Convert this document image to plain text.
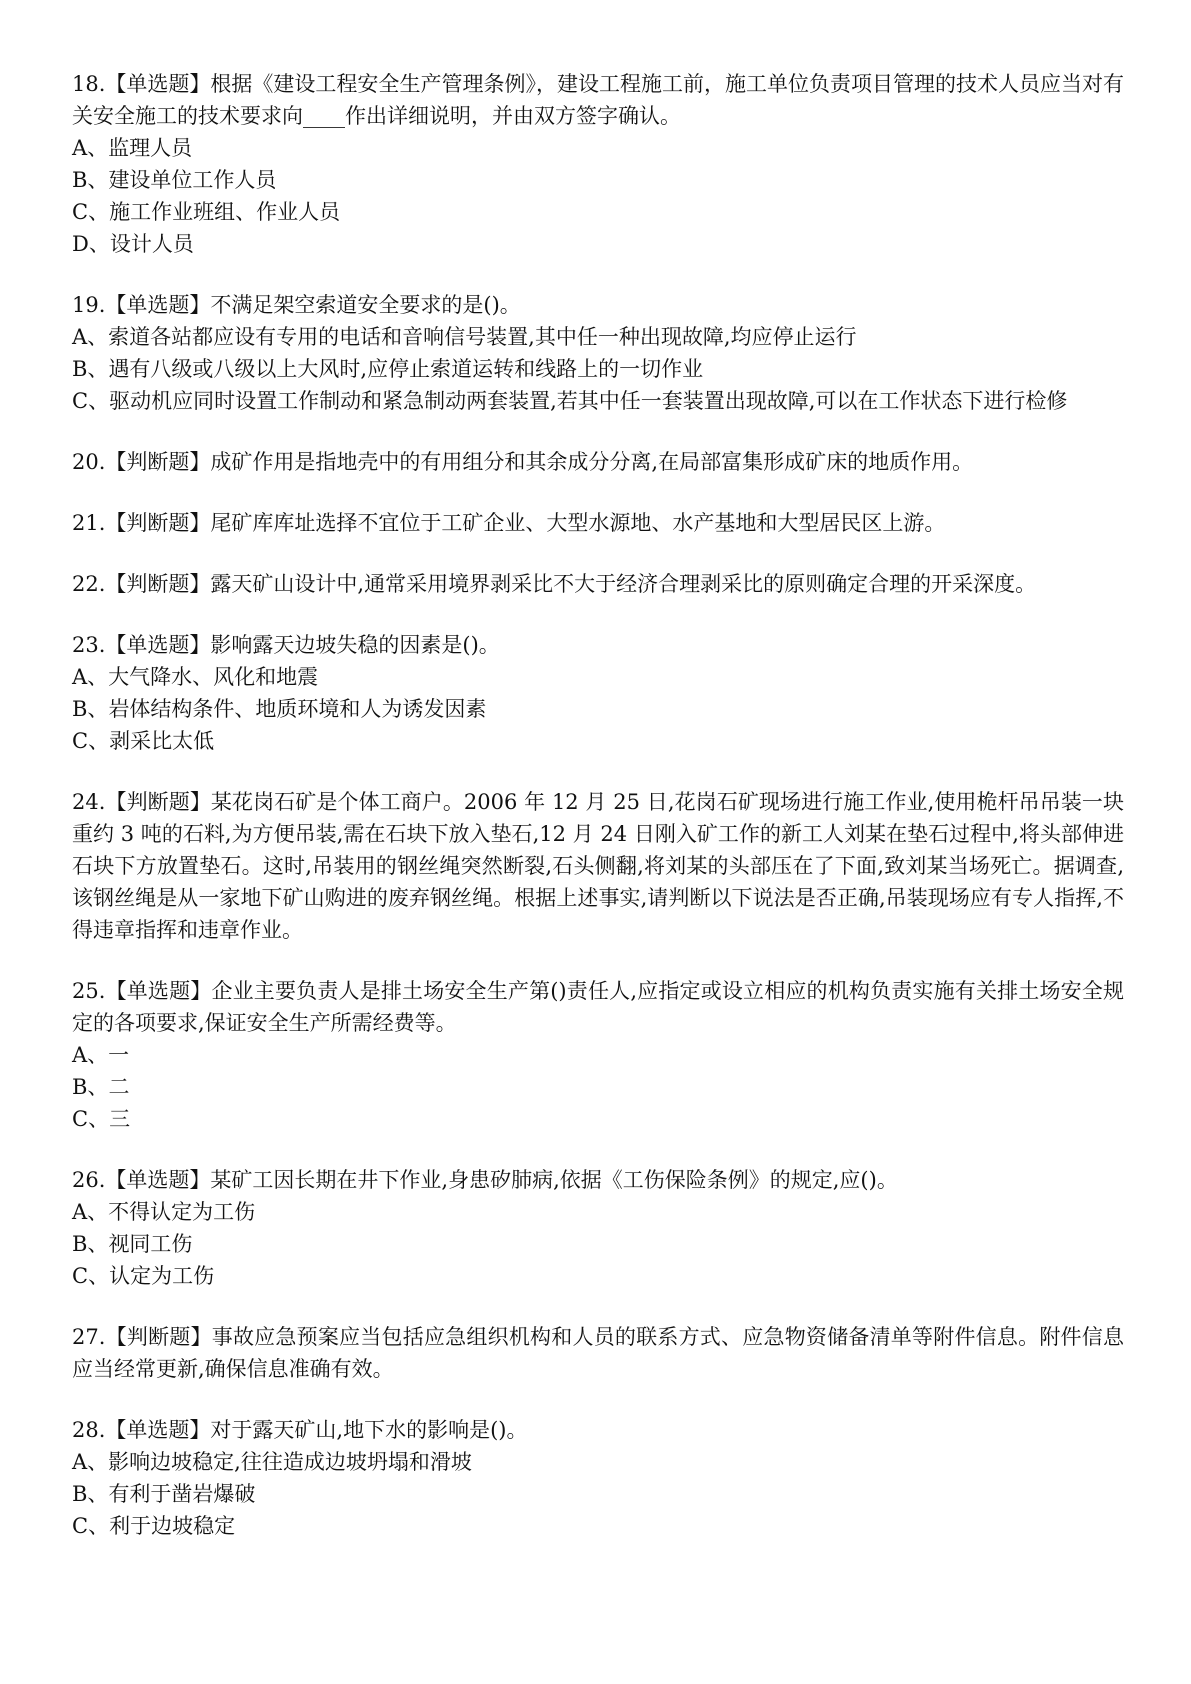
18.【单选题】根据《建设工程安全生产管理条例》，建设工程施工前，施工单位负责项目管理的技术人员应当对有关安全施工的技术要求向____作出详细说明，并由双方签字确认。

A、监理人员

B、建设单位工作人员

C、施工作业班组、作业人员

D、设计人员

19.【单选题】不满足架空索道安全要求的是()。

A、索道各站都应设有专用的电话和音响信号装置,其中任一种出现故障,均应停止运行

B、遇有八级或八级以上大风时,应停止索道运转和线路上的一切作业

C、驱动机应同时设置工作制动和紧急制动两套装置,若其中任一套装置出现故障,可以在工作状态下进行检修

20.【判断题】成矿作用是指地壳中的有用组分和其余成分分离,在局部富集形成矿床的地质作用。

21.【判断题】尾矿库库址选择不宜位于工矿企业、大型水源地、水产基地和大型居民区上游。

22.【判断题】露天矿山设计中,通常采用境界剥采比不大于经济合理剥采比的原则确定合理的开采深度。

23.【单选题】影响露天边坡失稳的因素是()。

A、大气降水、风化和地震

B、岩体结构条件、地质环境和人为诱发因素

C、剥采比太低

24.【判断题】某花岗石矿是个体工商户。2006 年 12 月 25 日,花岗石矿现场进行施工作业,使用桅杆吊吊装一块重约 3 吨的石料,为方便吊装,需在石块下放入垫石,12 月 24 日刚入矿工作的新工人刘某在垫石过程中,将头部伸进石块下方放置垫石。这时,吊装用的钢丝绳突然断裂,石头侧翻,将刘某的头部压在了下面,致刘某当场死亡。据调查,该钢丝绳是从一家地下矿山购进的废弃钢丝绳。根据上述事实,请判断以下说法是否正确,吊装现场应有专人指挥,不得违章指挥和违章作业。

25.【单选题】企业主要负责人是排土场安全生产第()责任人,应指定或设立相应的机构负责实施有关排土场安全规定的各项要求,保证安全生产所需经费等。

A、一

B、二

C、三

26.【单选题】某矿工因长期在井下作业,身患矽肺病,依据《工伤保险条例》的规定,应()。

A、不得认定为工伤

B、视同工伤

C、认定为工伤

27.【判断题】事故应急预案应当包括应急组织机构和人员的联系方式、应急物资储备清单等附件信息。附件信息应当经常更新,确保信息准确有效。

28.【单选题】对于露天矿山,地下水的影响是()。

A、影响边坡稳定,往往造成边坡坍塌和滑坡

B、有利于凿岩爆破

C、利于边坡稳定
